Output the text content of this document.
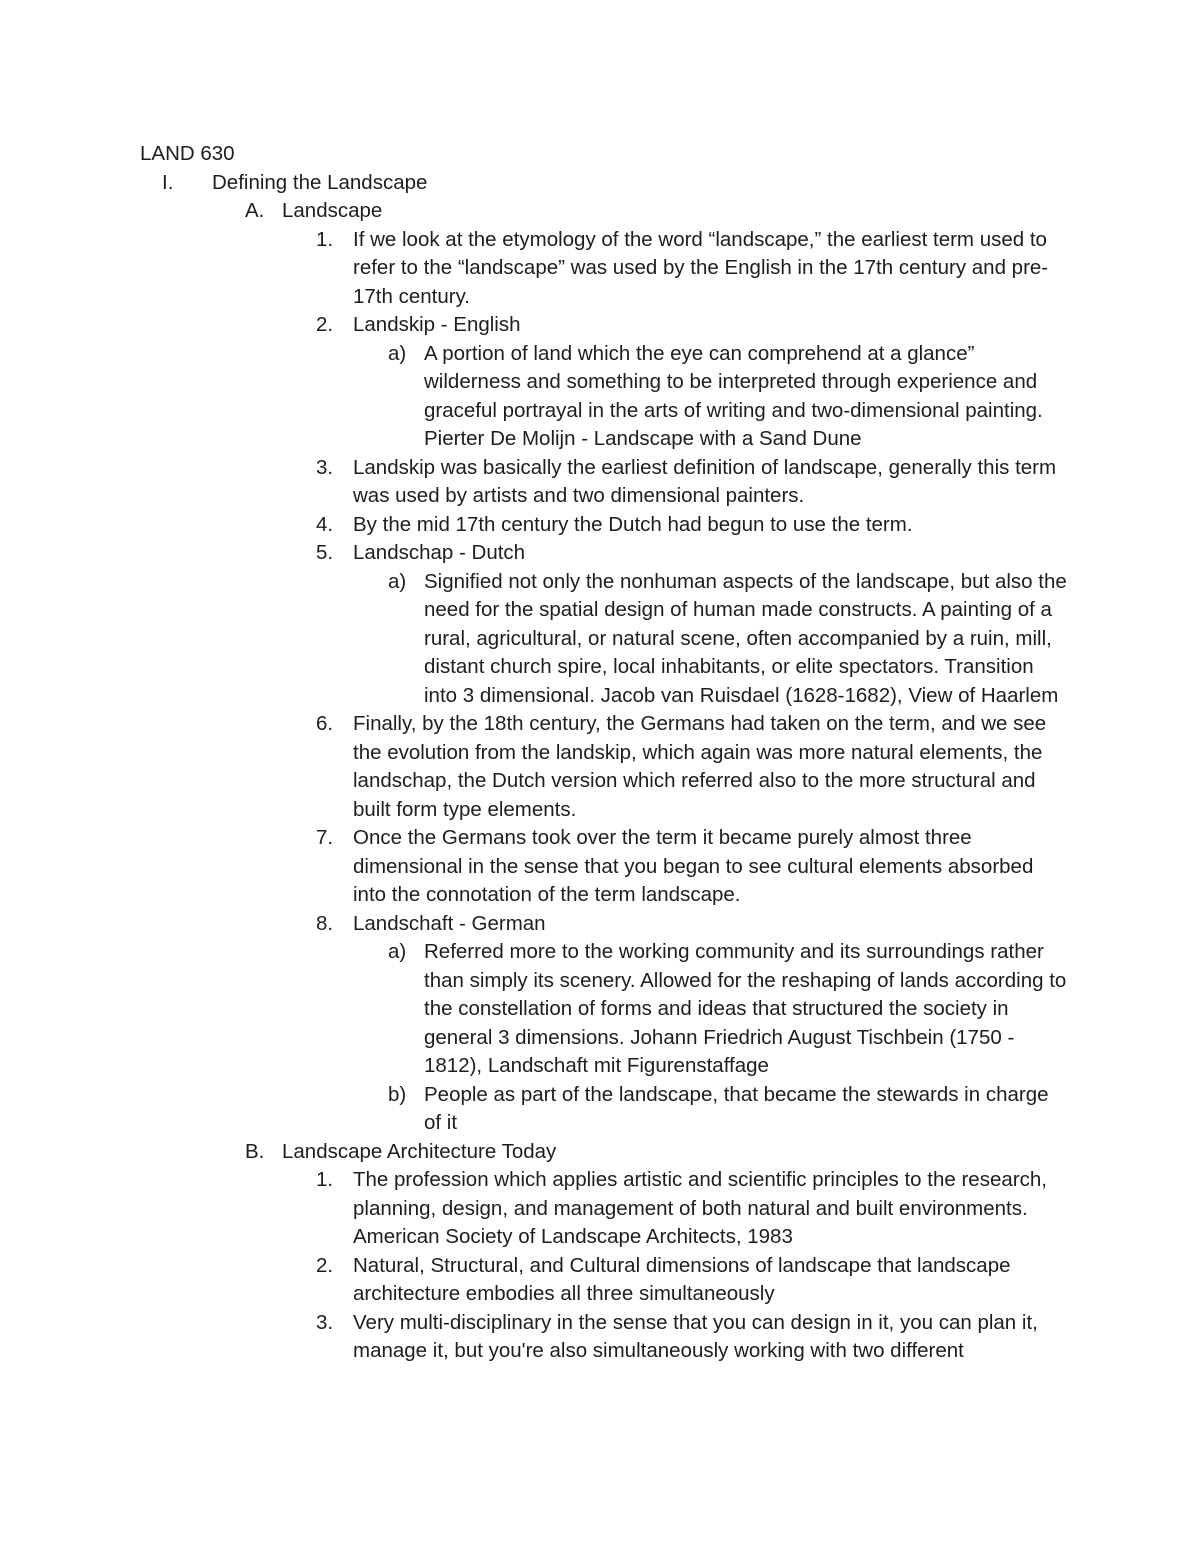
LAND 630
I. Defining the Landscape
A. Landscape
1. If we look at the etymology of the word “landscape,” the earliest term used to refer to the “landscape” was used by the English in the 17th century and pre-17th century.
2. Landskip - English
a) A portion of land which the eye can comprehend at a glance” wilderness and something to be interpreted through experience and graceful portrayal in the arts of writing and two-dimensional painting. Pierter De Molijn - Landscape with a Sand Dune
3. Landskip was basically the earliest definition of landscape, generally this term was used by artists and two dimensional painters.
4. By the mid 17th century the Dutch had begun to use the term.
5. Landschap - Dutch
a) Signified not only the nonhuman aspects of the landscape, but also the need for the spatial design of human made constructs. A painting of a rural, agricultural, or natural scene, often accompanied by a ruin, mill, distant church spire, local inhabitants, or elite spectators. Transition into 3 dimensional. Jacob van Ruisdael (1628-1682), View of Haarlem
6. Finally, by the 18th century, the Germans had taken on the term, and we see the evolution from the landskip, which again was more natural elements, the landschap, the Dutch version which referred also to the more structural and built form type elements.
7. Once the Germans took over the term it became purely almost three dimensional in the sense that you began to see cultural elements absorbed into the connotation of the term landscape.
8. Landschaft - German
a) Referred more to the working community and its surroundings rather than simply its scenery. Allowed for the reshaping of lands according to the constellation of forms and ideas that structured the society in general 3 dimensions. Johann Friedrich August Tischbein (1750 - 1812), Landschaft mit Figurenstaffage
b) People as part of the landscape, that became the stewards in charge of it
B. Landscape Architecture Today
1. The profession which applies artistic and scientific principles to the research, planning, design, and management of both natural and built environments. American Society of Landscape Architects, 1983
2. Natural, Structural, and Cultural dimensions of landscape that landscape architecture embodies all three simultaneously
3. Very multi-disciplinary in the sense that you can design in it, you can plan it, manage it, but you're also simultaneously working with two different
